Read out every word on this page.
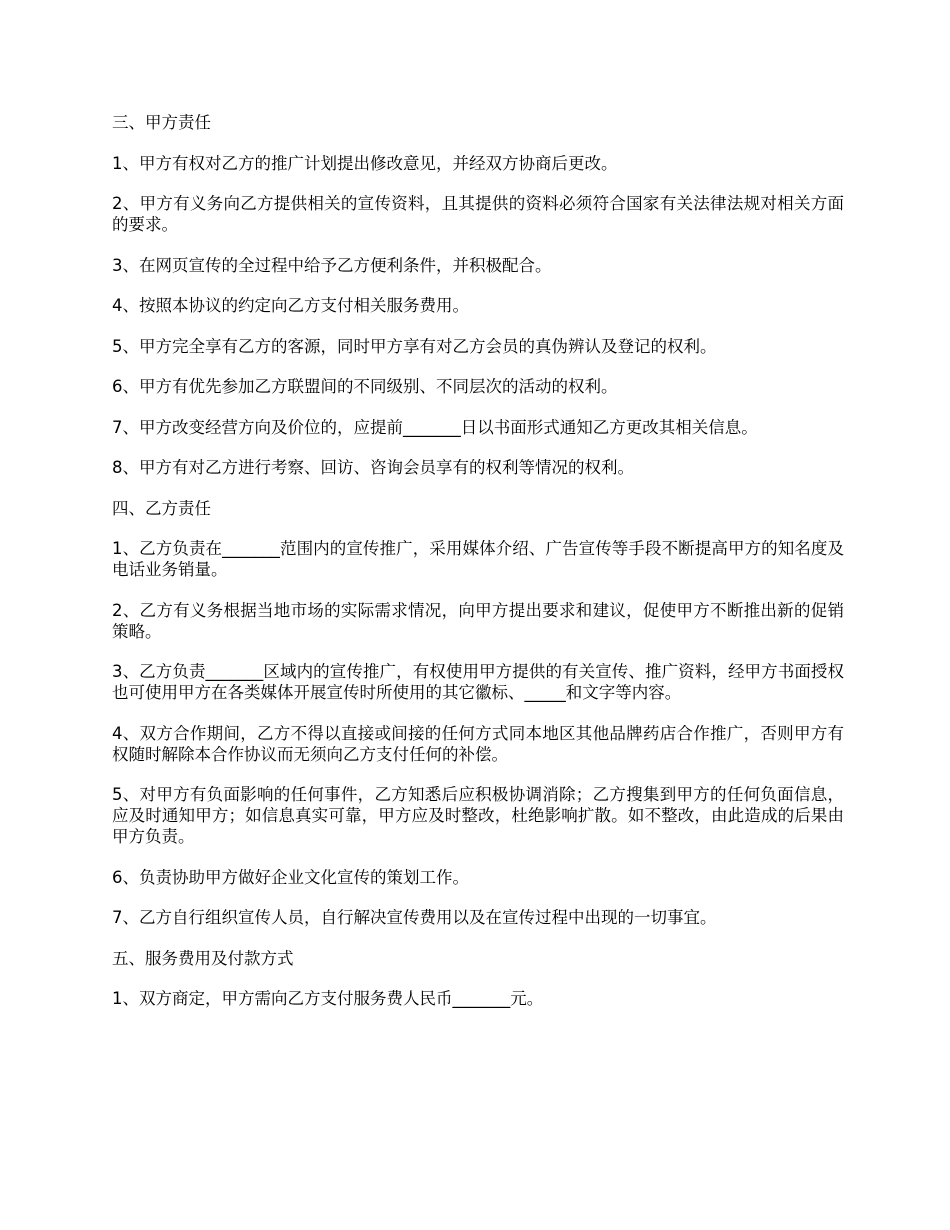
三、甲方责任

1、甲方有权对乙方的推广计划提出修改意见，并经双方协商后更改。

2、甲方有义务向乙方提供相关的宣传资料，且其提供的资料必须符合国家有关法律法规对相关方面的要求。

3、在网页宣传的全过程中给予乙方便利条件，并积极配合。

4、按照本协议的约定向乙方支付相关服务费用。

5、甲方完全享有乙方的客源，同时甲方享有对乙方会员的真伪辨认及登记的权利。

6、甲方有优先参加乙方联盟间的不同级别、不同层次的活动的权利。

7、甲方改变经营方向及价位的，应提前_______日以书面形式通知乙方更改其相关信息。

8、甲方有对乙方进行考察、回访、咨询会员享有的权利等情况的权利。

四、乙方责任

1、乙方负责在_______范围内的宣传推广，采用媒体介绍、广告宣传等手段不断提高甲方的知名度及电话业务销量。

2、乙方有义务根据当地市场的实际需求情况，向甲方提出要求和建议，促使甲方不断推出新的促销策略。

3、乙方负责_______区域内的宣传推广，有权使用甲方提供的有关宣传、推广资料，经甲方书面授权也可使用甲方在各类媒体开展宣传时所使用的其它徽标、_____和文字等内容。

4、双方合作期间，乙方不得以直接或间接的任何方式同本地区其他品牌药店合作推广，否则甲方有权随时解除本合作协议而无须向乙方支付任何的补偿。

5、对甲方有负面影响的任何事件，乙方知悉后应积极协调消除；乙方搜集到甲方的任何负面信息，应及时通知甲方；如信息真实可靠，甲方应及时整改，杜绝影响扩散。如不整改，由此造成的后果由甲方负责。

6、负责协助甲方做好企业文化宣传的策划工作。

7、乙方自行组织宣传人员，自行解决宣传费用以及在宣传过程中出现的一切事宜。

五、服务费用及付款方式

1、双方商定，甲方需向乙方支付服务费人民币_______元。
